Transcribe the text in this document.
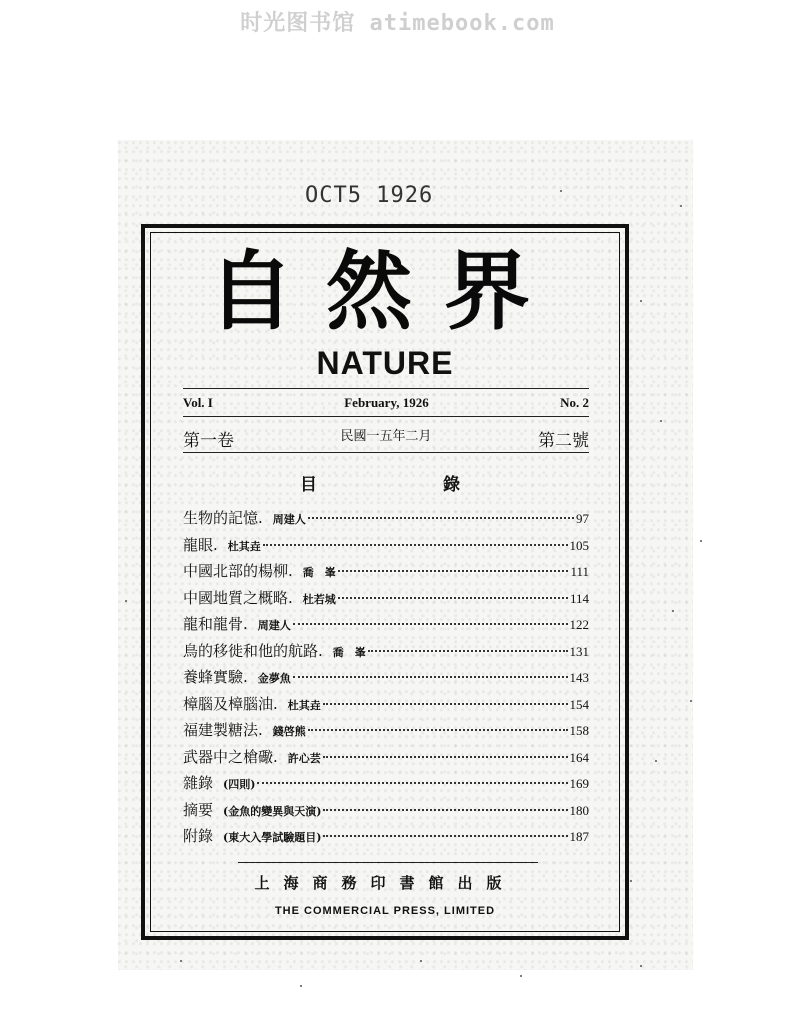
时光图书馆 atimebook.com
OCT5 1926
自然界
NATURE
Vol. I	February, 1926	No. 2
第一卷	民國一五年二月	第二號
目	錄
生物的記憶. 周建人	97
龍眼. 杜其垚	105
中國北部的楊柳. 喬　峯	111
中國地質之概略. 杜若城	114
龍和龍骨. 周建人	122
鳥的移徙和他的航路. 喬　峯	131
養蜂實驗. 金夢魚	143
樟腦及樟腦油. 杜其垚	154
福建製糖法. 錢啓熊	158
武器中之槍礮. 許心芸	164
雜錄 (四則)	169
摘要 (金魚的變異與天演)	180
附錄 (東大入學試驗題目)	187
上海商務印書館出版
THE COMMERCIAL PRESS, LIMITED
